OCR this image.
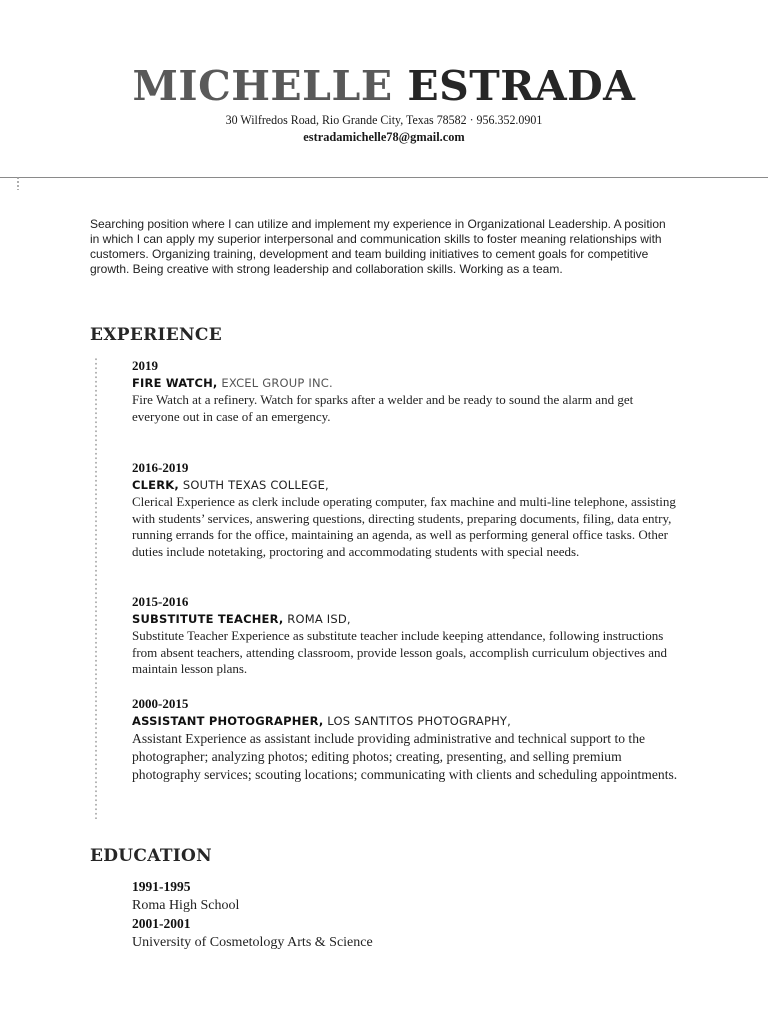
MICHELLE ESTRADA
30 Wilfredos Road, Rio Grande City, Texas 78582 · 956.352.0901
estradamichelle78@gmail.com
Searching position where I can utilize and implement my experience in Organizational Leadership. A position in which I can apply my superior interpersonal and communication skills to foster meaning relationships with customers. Organizing training, development and team building initiatives to cement goals for competitive growth. Being creative with strong leadership and collaboration skills. Working as a team.
EXPERIENCE
2019
FIRE WATCH, EXCEL GROUP INC.
Fire Watch at a refinery. Watch for sparks after a welder and be ready to sound the alarm and get everyone out in case of an emergency.
2016-2019
CLERK, SOUTH TEXAS COLLEGE,
Clerical Experience as clerk include operating computer, fax machine and multi-line telephone, assisting with students’ services, answering questions, directing students, preparing documents, filing, data entry, running errands for the office, maintaining an agenda, as well as performing general office tasks. Other duties include notetaking, proctoring and accommodating students with special needs.
2015-2016
SUBSTITUTE TEACHER, ROMA ISD,
Substitute Teacher Experience as substitute teacher include keeping attendance, following instructions from absent teachers, attending classroom, provide lesson goals, accomplish curriculum objectives and maintain lesson plans.
2000-2015
ASSISTANT PHOTOGRAPHER, LOS SANTITOS PHOTOGRAPHY,
Assistant Experience as assistant include providing administrative and technical support to the photographer; analyzing photos; editing photos; creating, presenting, and selling premium photography services; scouting locations; communicating with clients and scheduling appointments.
EDUCATION
1991-1995
Roma High School
2001-2001
University of Cosmetology Arts & Science
